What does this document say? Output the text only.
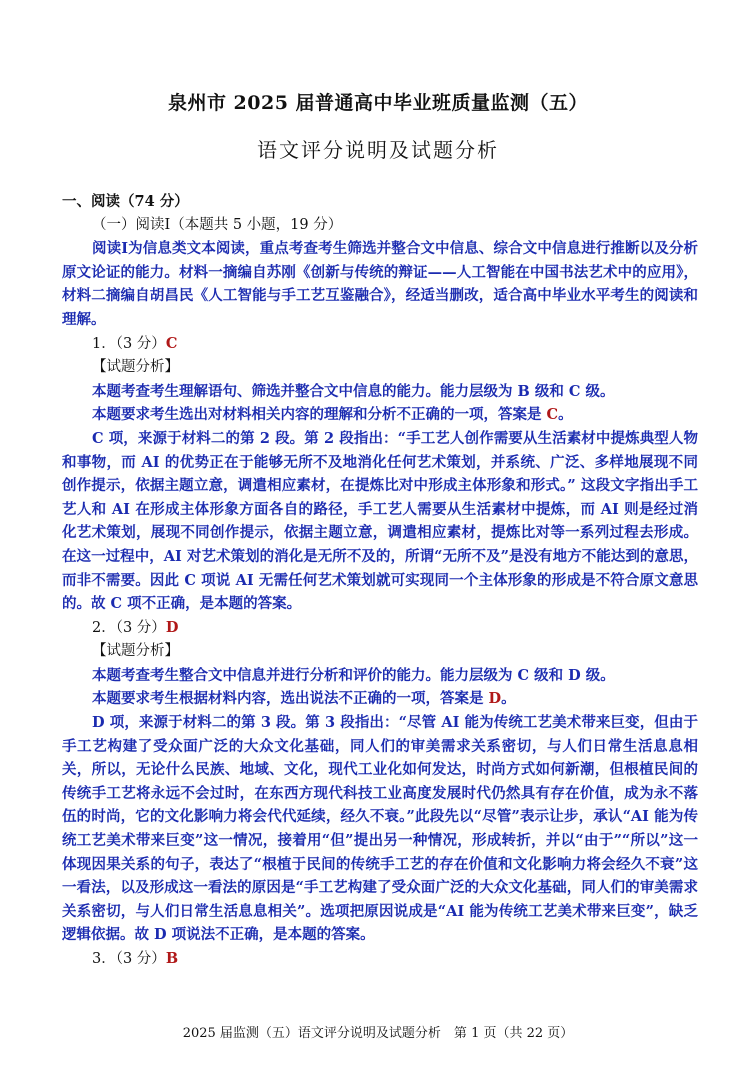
泉州市 2025 届普通高中毕业班质量监测（五）
语文评分说明及试题分析

一、阅读（74 分）

（一）阅读Ⅰ（本题共 5 小题，19 分）

阅读Ⅰ为信息类文本阅读，重点考查考生筛选并整合文中信息、综合文中信息进行推断以及分析原文论证的能力。材料一摘编自苏刚《创新与传统的辩证——人工智能在中国书法艺术中的应用》，材料二摘编自胡昌民《人工智能与手工艺互鉴融合》，经适当删改，适合高中毕业水平考生的阅读和理解。

1．（3 分）C

【试题分析】

本题考查考生理解语句、筛选并整合文中信息的能力。能力层级为 B 级和 C 级。

本题要求考生选出对材料相关内容的理解和分析不正确的一项，答案是 C。

C 项，来源于材料二的第 2 段。第 2 段指出：“手工艺人创作需要从生活素材中提炼典型人物和事物，而 AI 的优势正在于能够无所不及地消化任何艺术策划，并系统、广泛、多样地展现不同创作提示，依据主题立意，调遣相应素材，在提炼比对中形成主体形象和形式。” 这段文字指出手工艺人和 AI 在形成主体形象方面各自的路径，手工艺人需要从生活素材中提炼，而 AI 则是经过消化艺术策划，展现不同创作提示，依据主题立意，调遣相应素材，提炼比对等一系列过程去形成。在这一过程中，AI 对艺术策划的消化是无所不及的，所谓“无所不及”是没有地方不能达到的意思，而非不需要。因此 C 项说 AI 无需任何艺术策划就可实现同一个主体形象的形成是不符合原文意思的。故 C 项不正确，是本题的答案。

2．（3 分）D

【试题分析】

本题考查考生整合文中信息并进行分析和评价的能力。能力层级为 C 级和 D 级。

本题要求考生根据材料内容，选出说法不正确的一项，答案是 D。

D 项，来源于材料二的第 3 段。第 3 段指出：“尽管 AI 能为传统工艺美术带来巨变，但由于手工艺构建了受众面广泛的大众文化基础，同人们的审美需求关系密切，与人们日常生活息息相关，所以，无论什么民族、地域、文化，现代工业化如何发达，时尚方式如何新潮，但根植民间的传统手工艺将永远不会过时，在东西方现代科技工业高度发展时代仍然具有存在价值，成为永不落伍的时尚，它的文化影响力将会代代延续，经久不衰。”此段先以“尽管”表示让步，承认“AI 能为传统工艺美术带来巨变”这一情况，接着用“但”提出另一种情况，形成转折，并以“由于”“所以”这一体现因果关系的句子，表达了“根植于民间的传统手工艺的存在价值和文化影响力将会经久不衰”这一看法，以及形成这一看法的原因是“手工艺构建了受众面广泛的大众文化基础，同人们的审美需求关系密切，与人们日常生活息息相关”。选项把原因说成是“AI 能为传统工艺美术带来巨变”，缺乏逻辑依据。故 D 项说法不正确，是本题的答案。

3．（3 分）B

2025 届监测（五）语文评分说明及试题分析　第 1 页（共 22 页）
